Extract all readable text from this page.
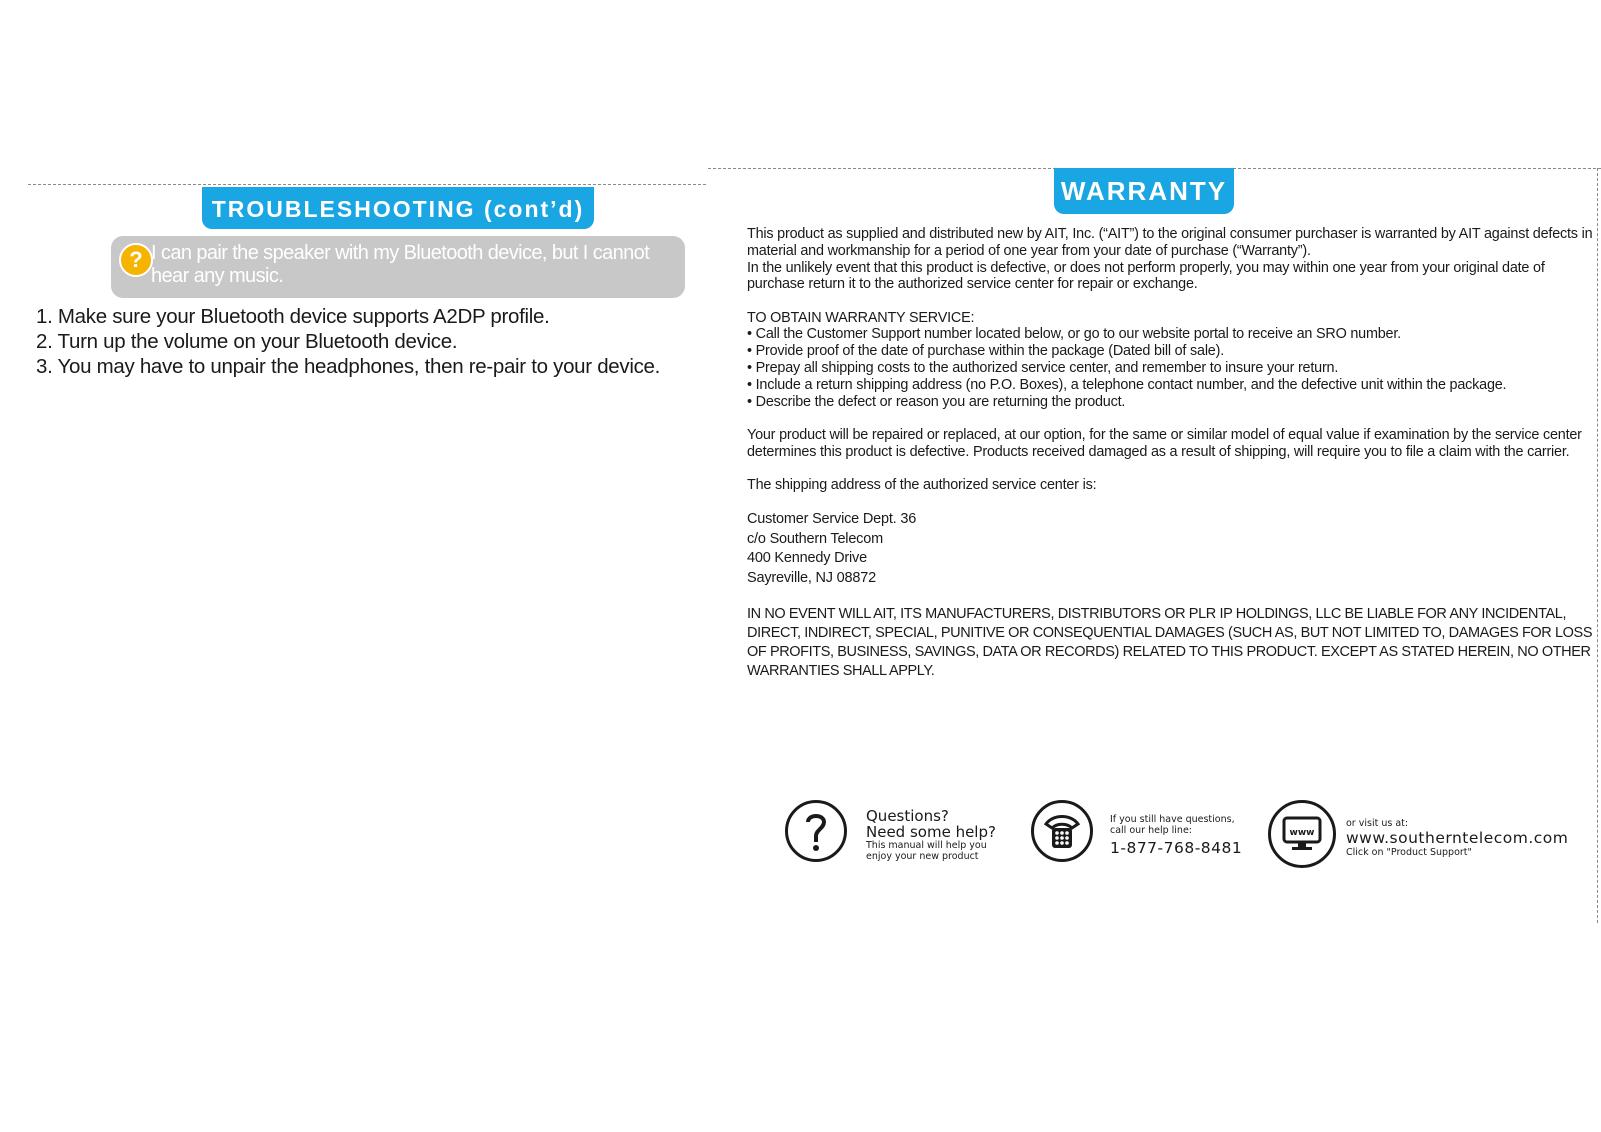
TROUBLESHOOTING (cont’d)
? I can pair the speaker with my Bluetooth device, but I cannot hear any music.
1. Make sure your Bluetooth device supports A2DP profile.
2. Turn up the volume on your Bluetooth device.
3. You may have to unpair the headphones, then re-pair to your device.
WARRANTY

This product as supplied and distributed new by AIT, Inc. (“AIT”) to the original consumer purchaser is warranted by AIT against defects in material and workmanship for a period of one year from your date of purchase (“Warranty”).

In the unlikely event that this product is defective, or does not perform properly, you may within one year from your original date of purchase return it to the authorized service center for repair or exchange.

TO OBTAIN WARRANTY SERVICE:

• Call the Customer Support number located below, or go to our website portal to receive an SRO number.

• Provide proof of the date of purchase within the package (Dated bill of sale).

• Prepay all shipping costs to the authorized service center, and remember to insure your return.

• Include a return shipping address (no P.O. Boxes), a telephone contact number, and the defective unit within the package.

• Describe the defect or reason you are returning the product.

Your product will be repaired or replaced, at our option, for the same or similar model of equal value if examination by the service center determines this product is defective. Products received damaged as a result of shipping, will require you to file a claim with the carrier.

The shipping address of the authorized service center is:

Customer Service Dept. 36

c/o Southern Telecom

400 Kennedy Drive

Sayreville, NJ 08872

IN NO EVENT WILL AIT, ITS MANUFACTURERS, DISTRIBUTORS OR PLR IP HOLDINGS, LLC BE LIABLE FOR ANY INCIDENTAL, DIRECT, INDIRECT, SPECIAL, PUNITIVE OR CONSEQUENTIAL DAMAGES (SUCH AS, BUT NOT LIMITED TO, DAMAGES FOR LOSS OF PROFITS, BUSINESS, SAVINGS, DATA OR RECORDS) RELATED TO THIS PRODUCT. EXCEPT AS STATED HEREIN, NO OTHER WARRANTIES SHALL APPLY.

Questions?
Need some help?
This manual will help you
enjoy your new product
If you still have questions,
call our help line:
1-877-768-8481
www
or visit us at:
www.southerntelecom.com
Click on "Product Support"
